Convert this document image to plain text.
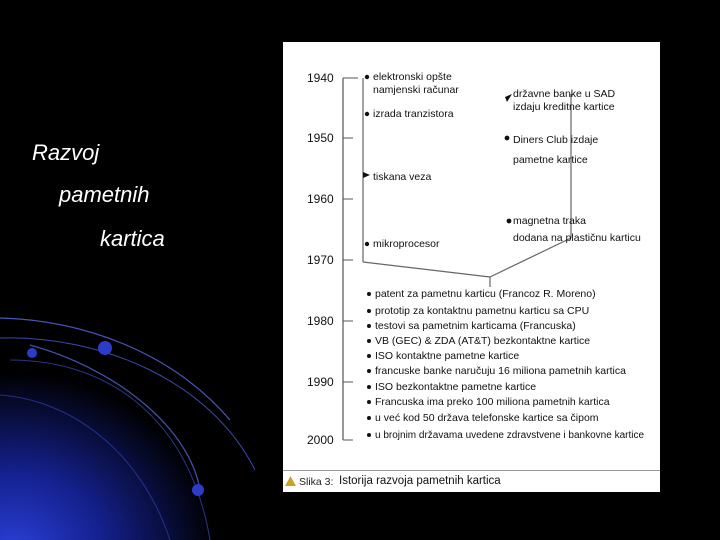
Razvoj
pametnih
kartica
1940
1950
1960
1970
1980
1990
2000
elektronski opšte
namjenski računar
izrada tranzistora
tiskana veza
mikroprocesor
državne banke u SAD
izdaju kreditne kartice
Diners Club izdaje
pametne kartice
magnetna traka
dodana na plastičnu karticu
patent za pametnu karticu (Francoz R. Moreno)
prototip za kontaktnu pametnu karticu sa CPU
testovi sa pametnim karticama (Francuska)
VB (GEC) & ZDA (AT&T) bezkontaktne kartice
ISO kontaktne pametne kartice
francuske banke naručuju 16 miliona pametnih kartica
ISO bezkontaktne pametne kartice
Francuska ima preko 100 miliona pametnih kartica
u već kod 50 država telefonske kartice sa čipom
u brojnim državama uvedene zdravstvene i bankovne kartice
Slika 3: Istorija razvoja pametnih kartica
